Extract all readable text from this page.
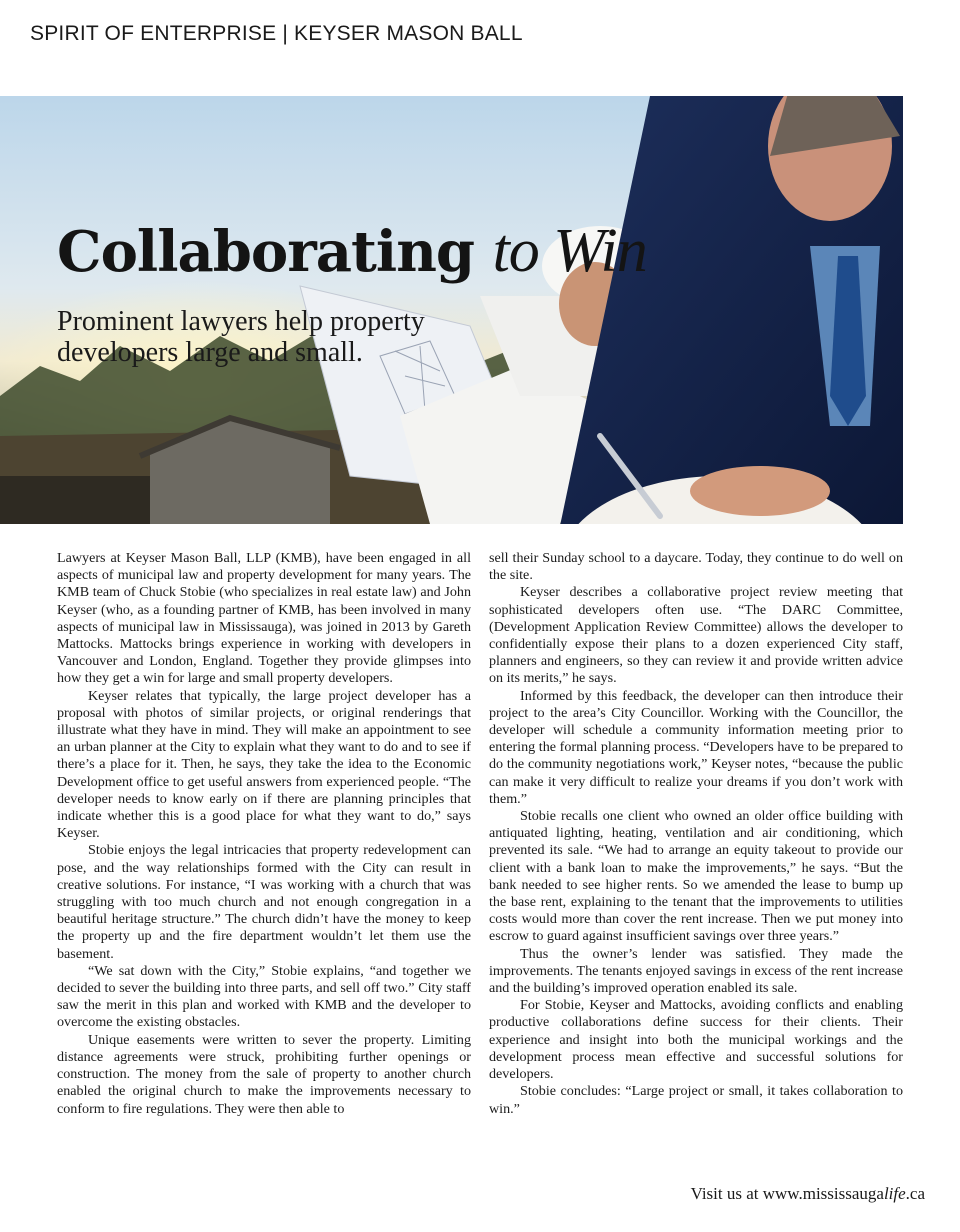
SPIRIT OF ENTERPRISE | KEYSER MASON BALL
Collaborating to Win

Prominent lawyers help property developers large and small.

Lawyers at Keyser Mason Ball, LLP (KMB), have been engaged in all aspects of municipal law and property development for many years. The KMB team of Chuck Stobie (who specializes in real estate law) and John Keyser (who, as a founding partner of KMB, has been involved in many aspects of municipal law in Mississauga), was joined in 2013 by Gareth Mattocks. Mattocks brings experience in working with developers in Vancouver and London, England. Together they provide glimpses into how they get a win for large and small property developers.

Keyser relates that typically, the large project developer has a proposal with photos of similar projects, or original renderings that illustrate what they have in mind. They will make an appointment to see an urban planner at the City to explain what they want to do and to see if there’s a place for it. Then, he says, they take the idea to the Economic Development office to get useful answers from experienced people. “The developer needs to know early on if there are planning principles that indicate whether this is a good place for what they want to do,” says Keyser.

Stobie enjoys the legal intricacies that property redevelopment can pose, and the way relationships formed with the City can result in creative solutions. For instance, “I was working with a church that was struggling with too much church and not enough congregation in a beautiful heritage structure.” The church didn’t have the money to keep the property up and the fire department wouldn’t let them use the basement.

“We sat down with the City,” Stobie explains, “and together we decided to sever the building into three parts, and sell off two.” City staff saw the merit in this plan and worked with KMB and the developer to overcome the existing obstacles.

Unique easements were written to sever the property. Limiting distance agreements were struck, prohibiting further openings or construction. The money from the sale of property to another church enabled the original church to make the improvements necessary to conform to fire regulations. They were then able to

sell their Sunday school to a daycare. Today, they continue to do well on the site.

Keyser describes a collaborative project review meeting that sophisticated developers often use. “The DARC Committee, (Development Application Review Committee) allows the developer to confidentially expose their plans to a dozen experienced City staff, planners and engineers, so they can review it and provide written advice on its merits,” he says.

Informed by this feedback, the developer can then introduce their project to the area’s City Councillor. Working with the Councillor, the developer will schedule a community information meeting prior to entering the formal planning process. “Developers have to be prepared to do the community negotiations work,” Keyser notes, “because the public can make it very difficult to realize your dreams if you don’t work with them.”

Stobie recalls one client who owned an older office building with antiquated lighting, heating, ventilation and air conditioning, which prevented its sale. “We had to arrange an equity takeout to provide our client with a bank loan to make the improvements,” he says. “But the bank needed to see higher rents. So we amended the lease to bump up the base rent, explaining to the tenant that the improvements to utilities costs would more than cover the rent increase. Then we put money into escrow to guard against insufficient savings over three years.”

Thus the owner’s lender was satisfied. They made the improvements. The tenants enjoyed savings in excess of the rent increase and the building’s improved operation enabled its sale.

For Stobie, Keyser and Mattocks, avoiding conflicts and enabling productive collaborations define success for their clients. Their experience and insight into both the municipal workings and the development process mean effective and successful solutions for developers.

Stobie concludes: “Large project or small, it takes collaboration to win.”

Visit us at www.mississaugalife.ca
